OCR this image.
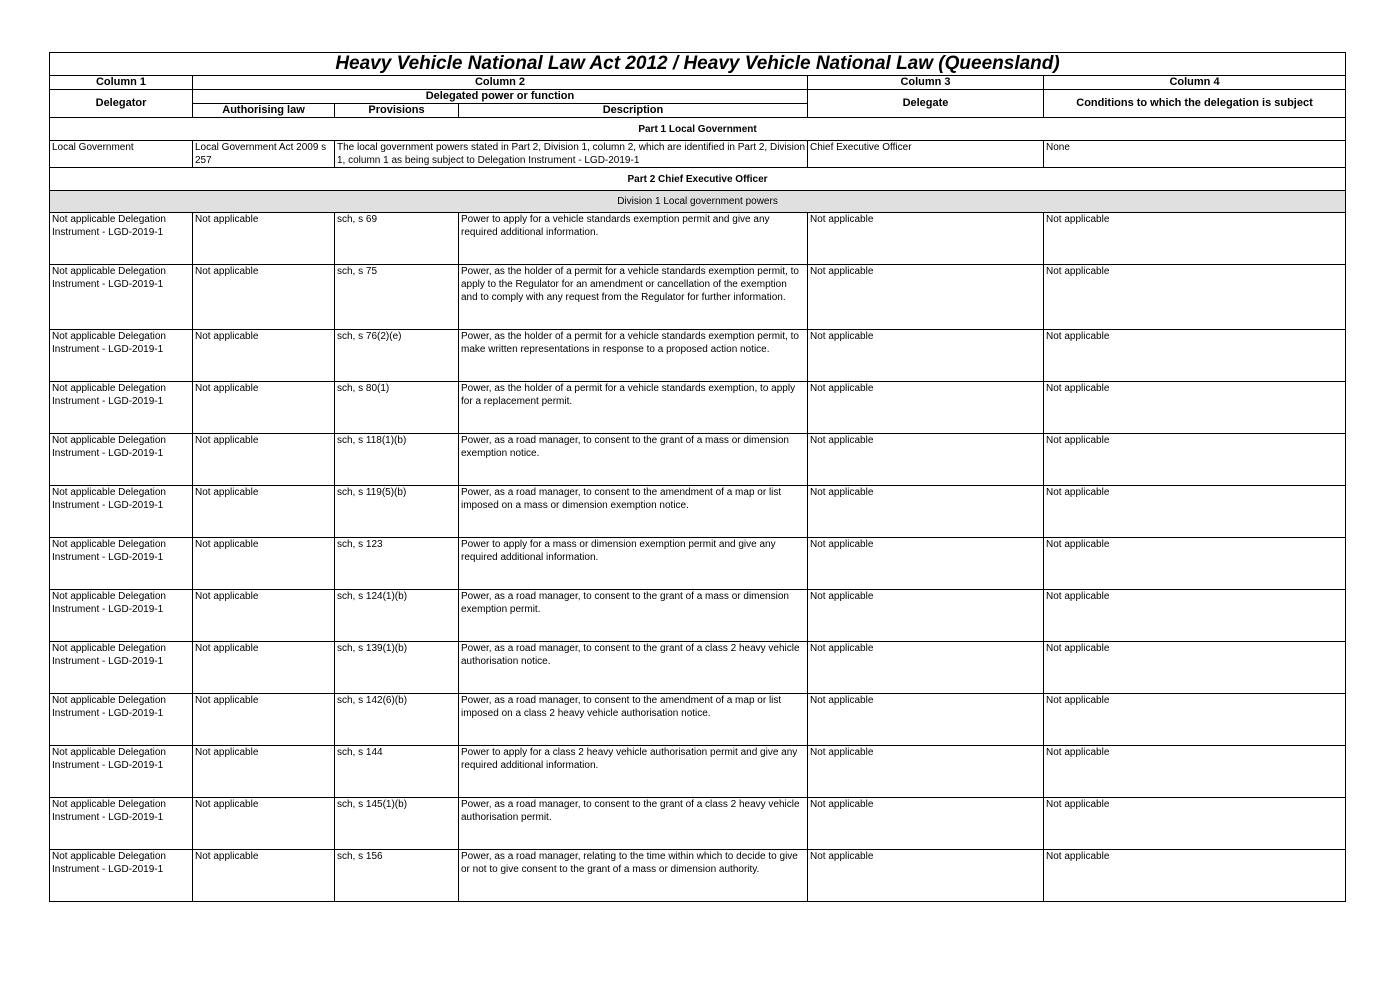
Heavy Vehicle National Law Act 2012 / Heavy Vehicle National Law (Queensland)					
Column 1	Column 2			Column 3	Column 4
Delegator	Delegated power or function			Delegate	Conditions to which the delegation is subject
	Authorising law	Provisions	Description		
Part 1 Local Government					
Local Government	Local Government Act 2009 s 257	The local government powers stated in Part 2, Division 1, column 2, which are identified in Part 2, Division 1, column 1 as being subject to Delegation Instrument - LGD-2019-1		Chief Executive Officer	None
Part 2 Chief Executive Officer					
Division 1 Local government powers					
Not applicable Delegation Instrument - LGD-2019-1	Not applicable	sch, s 69	Power to apply for a vehicle standards exemption permit and give any required additional information.	Not applicable	Not applicable
Not applicable Delegation Instrument - LGD-2019-1	Not applicable	sch, s 75	Power, as the holder of a permit for a vehicle standards exemption permit, to apply to the Regulator for an amendment or cancellation of the exemption and to comply with any request from the Regulator for further information.	Not applicable	Not applicable
Not applicable Delegation Instrument - LGD-2019-1	Not applicable	sch, s 76(2)(e)	Power, as the holder of a permit for a vehicle standards exemption permit, to make written representations in response to a proposed action notice.	Not applicable	Not applicable
Not applicable Delegation Instrument - LGD-2019-1	Not applicable	sch, s 80(1)	Power, as the holder of a permit for a vehicle standards exemption, to apply for a replacement permit.	Not applicable	Not applicable
Not applicable Delegation Instrument - LGD-2019-1	Not applicable	sch, s 118(1)(b)	Power, as a road manager, to consent to the grant of a mass or dimension exemption notice.	Not applicable	Not applicable
Not applicable Delegation Instrument - LGD-2019-1	Not applicable	sch, s 119(5)(b)	Power, as a road manager, to consent to the amendment of a map or list imposed on a mass or dimension exemption notice.	Not applicable	Not applicable
Not applicable Delegation Instrument - LGD-2019-1	Not applicable	sch, s 123	Power to apply for a mass or dimension exemption permit and give any required additional information.	Not applicable	Not applicable
Not applicable Delegation Instrument - LGD-2019-1	Not applicable	sch, s 124(1)(b)	Power, as a road manager, to consent to the grant of a mass or dimension exemption permit.	Not applicable	Not applicable
Not applicable Delegation Instrument - LGD-2019-1	Not applicable	sch, s 139(1)(b)	Power, as a road manager, to consent to the grant of a class 2 heavy vehicle authorisation notice.	Not applicable	Not applicable
Not applicable Delegation Instrument - LGD-2019-1	Not applicable	sch, s 142(6)(b)	Power, as a road manager, to consent to the amendment of a map or list imposed on a class 2 heavy vehicle authorisation notice.	Not applicable	Not applicable
Not applicable Delegation Instrument - LGD-2019-1	Not applicable	sch, s 144	Power to apply for a class 2 heavy vehicle authorisation permit and give any required additional information.	Not applicable	Not applicable
Not applicable Delegation Instrument - LGD-2019-1	Not applicable	sch, s 145(1)(b)	Power, as a road manager, to consent to the grant of a class 2 heavy vehicle authorisation permit.	Not applicable	Not applicable
Not applicable Delegation Instrument - LGD-2019-1	Not applicable	sch, s 156	Power, as a road manager, relating to the time within which to decide to give or not to give consent to the grant of a mass or dimension authority.	Not applicable	Not applicable
